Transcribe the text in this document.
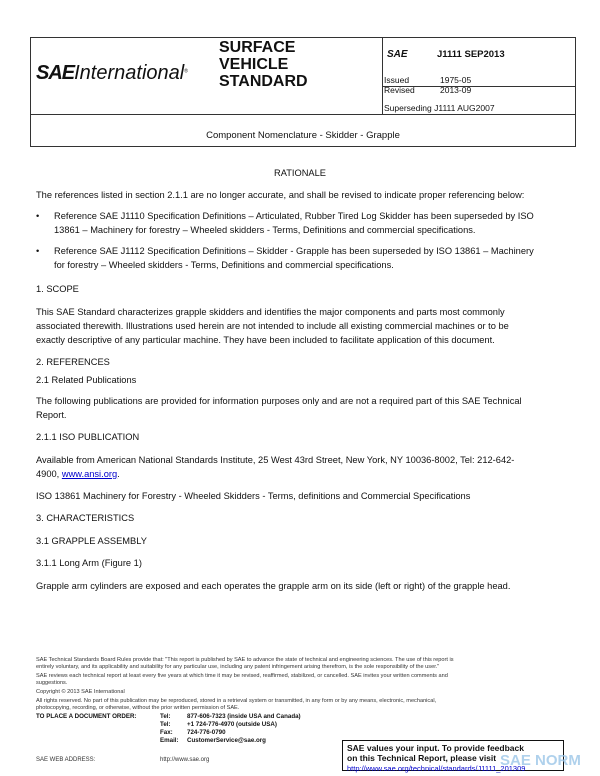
SAEInternational®
SURFACE
VEHICLE
STANDARD
SAE	J1111 SEP2013
Issued	1975-05
Revised	2013-09
Superseding J1111 AUG2007
Component Nomenclature - Skidder - Grapple
RATIONALE
The references listed in section 2.1.1 are no longer accurate, and shall be revised to indicate proper referencing below:
• Reference SAE J1110 Specification Definitions – Articulated, Rubber Tired Log Skidder has been superseded by ISO
13861 – Machinery for forestry – Wheeled skidders - Terms, Definitions and commercial specifications.
• Reference SAE J1112 Specification Definitions – Skidder - Grapple has been superseded by ISO 13861 – Machinery
for forestry – Wheeled skidders - Terms, Definitions and commercial specifications.
1. SCOPE
This SAE Standard characterizes grapple skidders and identifies the major components and parts most commonly
associated therewith. Illustrations used herein are not intended to include all existing commercial machines or to be
exactly descriptive of any particular machine. They have been included to facilitate application of this document.
2. REFERENCES
2.1 Related Publications
The following publications are provided for information purposes only and are not a required part of this SAE Technical
Report.
2.1.1 ISO PUBLICATION
Available from American National Standards Institute, 25 West 43rd Street, New York, NY 10036-8002, Tel: 212-642-
4900, www.ansi.org.
ISO 13861 Machinery for Forestry - Wheeled Skidders - Terms, definitions and Commercial Specifications
3. CHARACTERISTICS
3.1 GRAPPLE ASSEMBLY
3.1.1 Long Arm (Figure 1)
Grapple arm cylinders are exposed and each operates the grapple arm on its side (left or right) of the grapple head.
SAE Technical Standards Board Rules provide that: "This report is published by SAE to advance the state of technical and engineering sciences. The use of this report is
entirely voluntary, and its applicability and suitability for any particular use, including any patent infringement arising therefrom, is the sole responsibility of the user."
SAE reviews each technical report at least every five years at which time it may be revised, reaffirmed, stabilized, or cancelled. SAE invites your written comments and
suggestions.
Copyright © 2013 SAE International
All rights reserved. No part of this publication may be reproduced, stored in a retrieval system or transmitted, in any form or by any means, electronic, mechanical,
photocopying, recording, or otherwise, without the prior written permission of SAE.
TO PLACE A DOCUMENT ORDER:	Tel:	877-606-7323 (inside USA and Canada)
Tel:	+1 724-776-4970 (outside USA)
Fax: 724-776-0790
Email: CustomerService@sae.org
SAE WEB ADDRESS:	http://www.sae.org
SAE values your input. To provide feedback
on this Technical Report, please visit
http://www.sae.org/technical/standards/J1111_201309
SAE NORM
